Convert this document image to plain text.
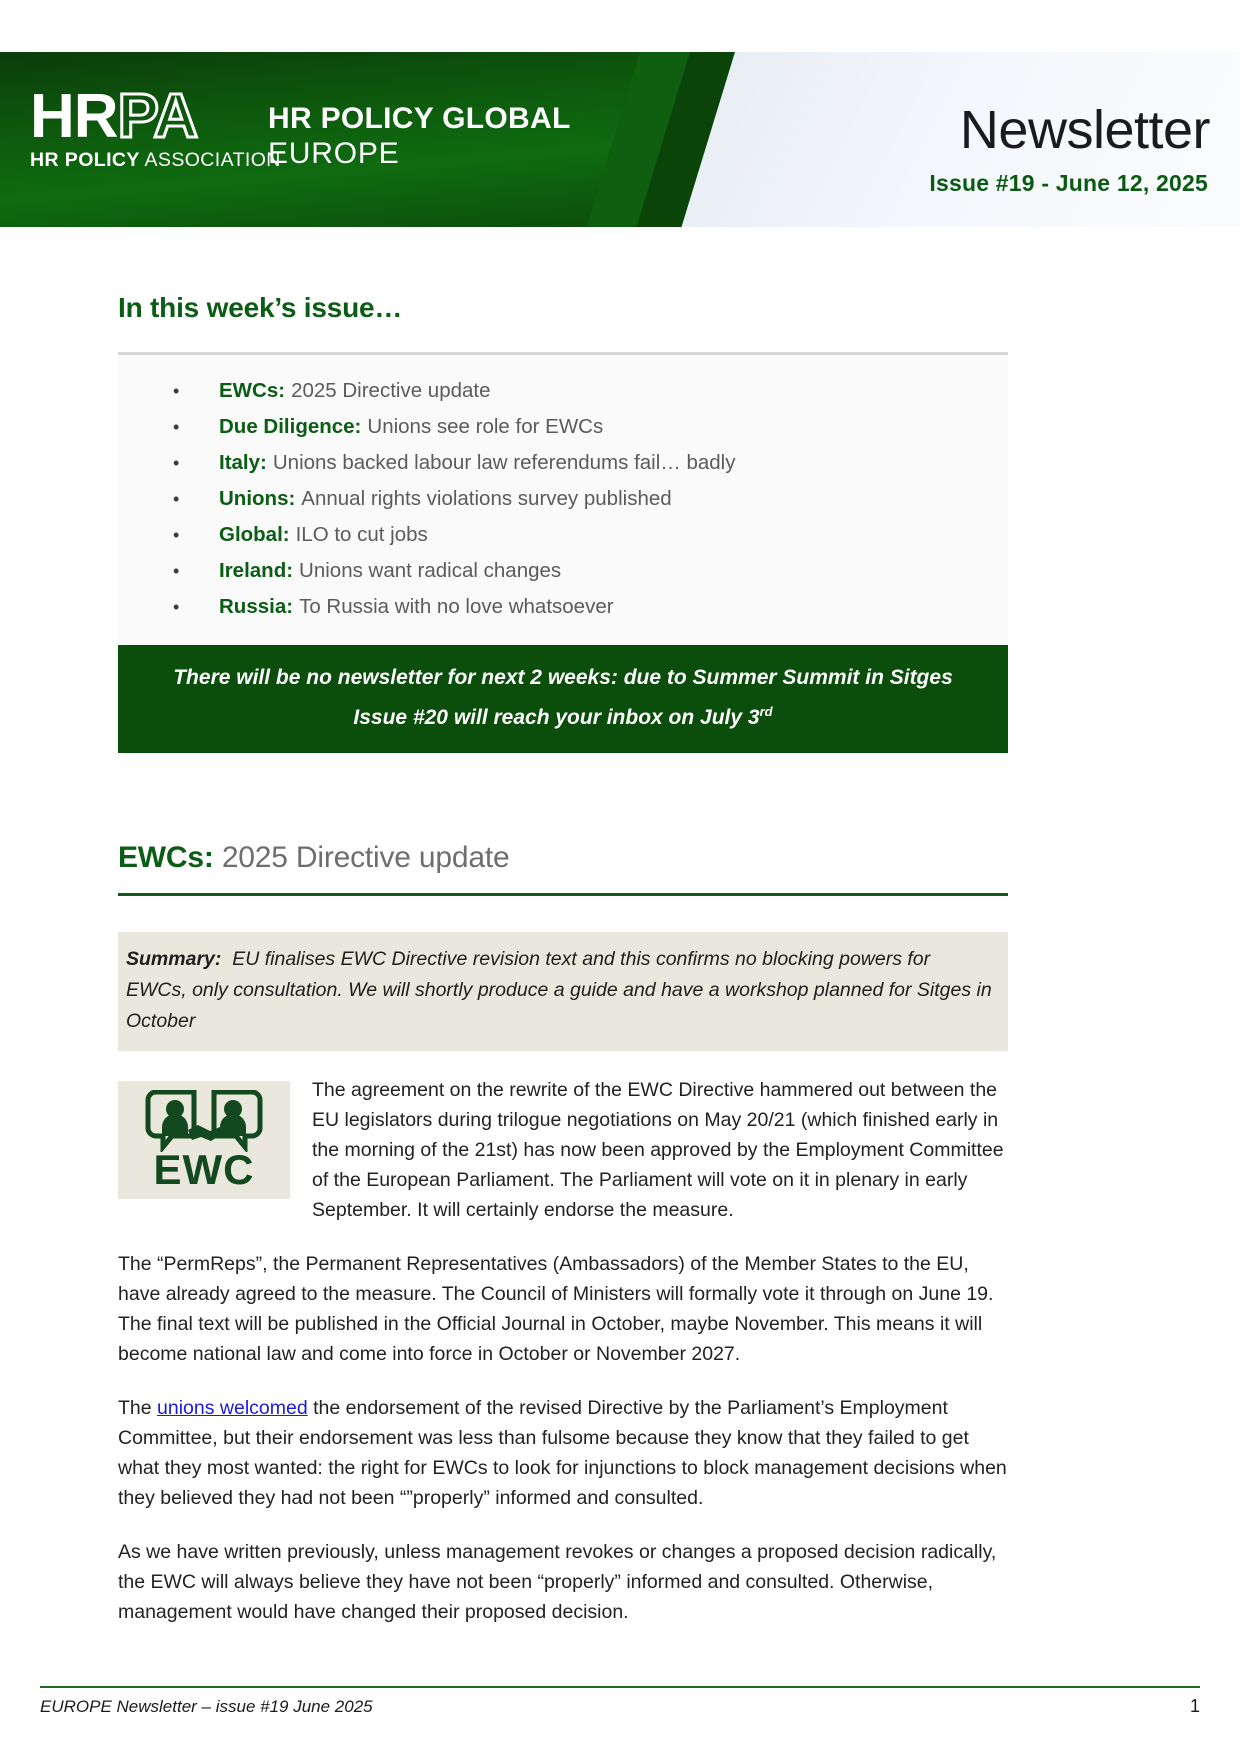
HRPA
HR POLICY ASSOCIATION
HR POLICY GLOBAL
EUROPE	Newsletter
Issue #19 - June 12, 2025
In this week’s issue…
•	EWCs: 2025 Directive update
•	Due Diligence: Unions see role for EWCs
•	Italy: Unions backed labour law referendums fail… badly
•	Unions: Annual rights violations survey published
•	Global: ILO to cut jobs
•	Ireland: Unions want radical changes
•	Russia: To Russia with no love whatsoever
There will be no newsletter for next 2 weeks: due to Summer Summit in Sitges
Issue #20 will reach your inbox on July 3rd
EWCs: 2025 Directive update
Summary: EU finalises EWC Directive revision text and this confirms no blocking powers for EWCs, only consultation. We will shortly produce a guide and have a workshop planned for Sitges in October
EWC
The agreement on the rewrite of the EWC Directive hammered out between the EU legislators during trilogue negotiations on May 20/21 (which finished early in the morning of the 21st) has now been approved by the Employment Committee of the European Parliament. The Parliament will vote on it in plenary in early September. It will certainly endorse the measure.
The “PermReps”, the Permanent Representatives (Ambassadors) of the Member States to the EU, have already agreed to the measure. The Council of Ministers will formally vote it through on June 19. The final text will be published in the Official Journal in October, maybe November. This means it will become national law and come into force in October or November 2027.
The unions welcomed the endorsement of the revised Directive by the Parliament’s Employment Committee, but their endorsement was less than fulsome because they know that they failed to get what they most wanted: the right for EWCs to look for injunctions to block management decisions when they believed they had not been “”properly” informed and consulted.
As we have written previously, unless management revokes or changes a proposed decision radically, the EWC will always believe they have not been “properly” informed and consulted. Otherwise, management would have changed their proposed decision.
EUROPE Newsletter – issue #19 June 2025	1
